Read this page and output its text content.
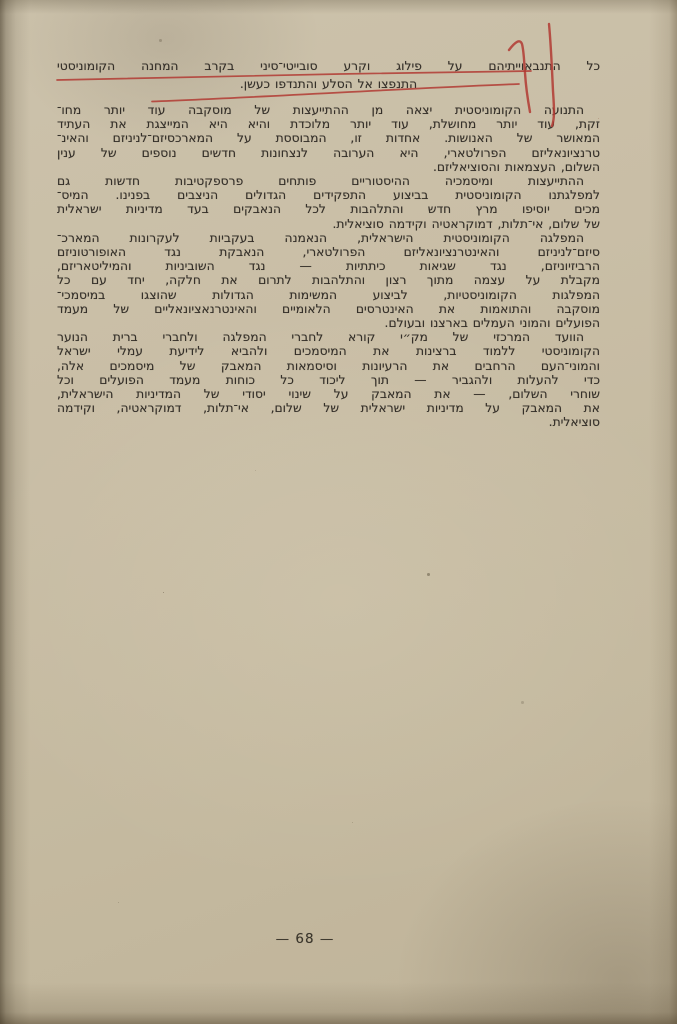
כל התנבאוייתיהם על פילוג וקרע סובייטי־סיני בקרב המחנה הקומוניסטי
התנפצו אל הסלע והתנדפו כעשן.
התנועה הקומוניסטית יצאה מן ההתייעצות של מוסקבה עוד יותר מחו־
זקת, עוד יותר מחושלת, עוד יותר מלוכדת והיא היא המייצגת את העתיד
המאושר של האנושות. אחדות זו, המבוססת על המארכסיזם־לניניזם והאינ־
טרנציונאליזם הפרולטארי, היא הערובה לנצחונות חדשים נוספים של ענין
השלום, העצמאות והסוציאליזם.
ההתייעצות ומיסמכיה ההיסטוריים פותחים פרספקטיבות חדשות גם
למפלגתנו הקומוניסטית בביצוע התפקידים הגדולים הניצבים בפנינו. המיס־
מכים יוסיפו מרץ חדש והתלהבות לכל הנאבקים בעד מדיניות ישראלית
של שלום, אי־תלות, דמוקראטיה וקידמה סוציאלית.
המפלגה הקומוניסטית הישראלית, הנאמנה בעקביות לעקרונות המארכ־
סיזם־לניניזם והאינטרנציונאליזם הפרולטארי, הנאבקת נגד האופורטוניזם
הרביזיוניזם, נגד שגיאות כיתתיות — נגד השוביניות והמיליטאריזם,
מקבלת על עצמה מתוך רצון והתלהבות לתרום את חלקה, יחד עם כל
המפלגות הקומוניסטיות, לביצוע המשימות הגדולות שהוצגו במיסמכי־
מוסקבה והתואמות את האינטרסים הלאומיים והאינטרנאציונאליים של מעמד
הפועלים והמוני העמלים בארצנו ובעולם.
הוועד המרכזי של מק״י קורא לחברי המפלגה ולחברי ברית הנוער
הקומוניסטי ללמוד ברצינות את המיסמכים ולהביא לידיעת עמלי ישראל
והמוני־העם הרחבים את הרעיונות וסיסמאות המאבק של מיסמכים אלה,
כדי להעלות ולהגביר — תוך ליכוד כל כוחות מעמד הפועלים וכל
שוחרי השלום, — את המאבק על שינוי יסודי של המדיניות הישראלית,
את המאבק על מדיניות ישראלית של שלום, אי־תלות, דמוקראטיה, וקידמה
סוציאלית.
— 68 —
